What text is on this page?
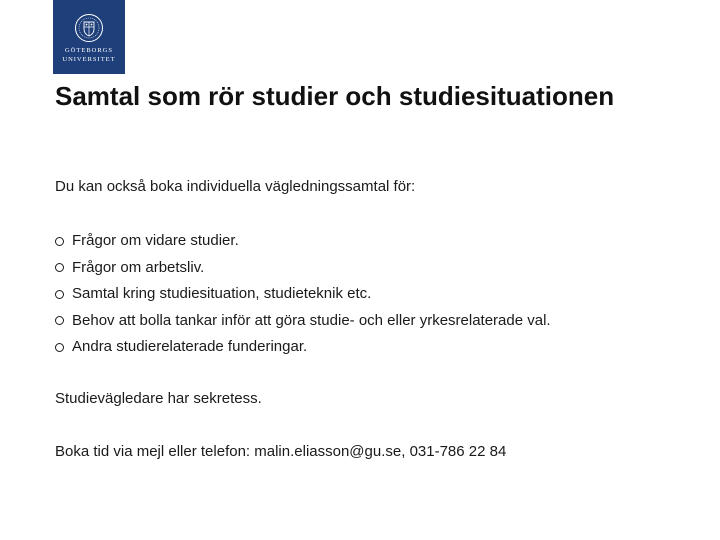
GÖTEBORGS
UNIVERSITET
Samtal som rör studier och studiesituationen
Du kan också boka individuella vägledningssamtal för:
Frågor om vidare studier.
Frågor om arbetsliv.
Samtal kring studiesituation, studieteknik etc.
Behov att bolla tankar inför att göra studie- och eller yrkesrelaterade val.
Andra studierelaterade funderingar.
Studievägledare har sekretess.
Boka tid via mejl eller telefon: malin.eliasson@gu.se, 031-786 22 84
